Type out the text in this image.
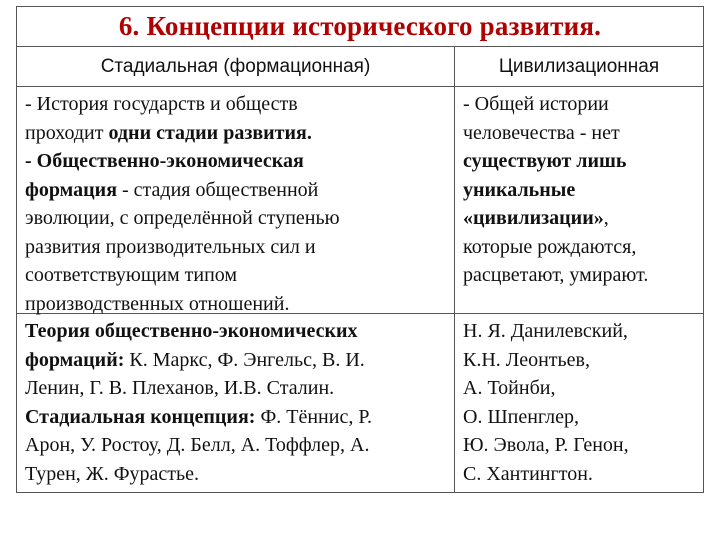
6. Концепции исторического развития.
Стадиальная (формационная)	Цивилизационная
- История государств и обществ
проходит одни стадии развития.
- Общественно-экономическая
формация - стадия общественной
эволюции, с определённой ступенью
развития производительных сил и
соответствующим типом
производственных отношений.
- Общей истории
человечества - нет
существуют лишь
уникальные
«цивилизации»,
которые рождаются,
расцветают, умирают.
Теория общественно-экономических
формаций: К. Маркс, Ф. Энгельс, В. И.
Ленин, Г. В. Плеханов, И.В. Сталин.
Стадиальная концепция: Ф. Тённис, Р.
Арон, У. Ростоу, Д. Белл, А. Тоффлер, А.
Турен, Ж. Фурастье.
Н. Я. Данилевский,
К.Н. Леонтьев,
А. Тойнби,
О. Шпенглер,
Ю. Эвола, Р. Генон,
С. Хантингтон.
